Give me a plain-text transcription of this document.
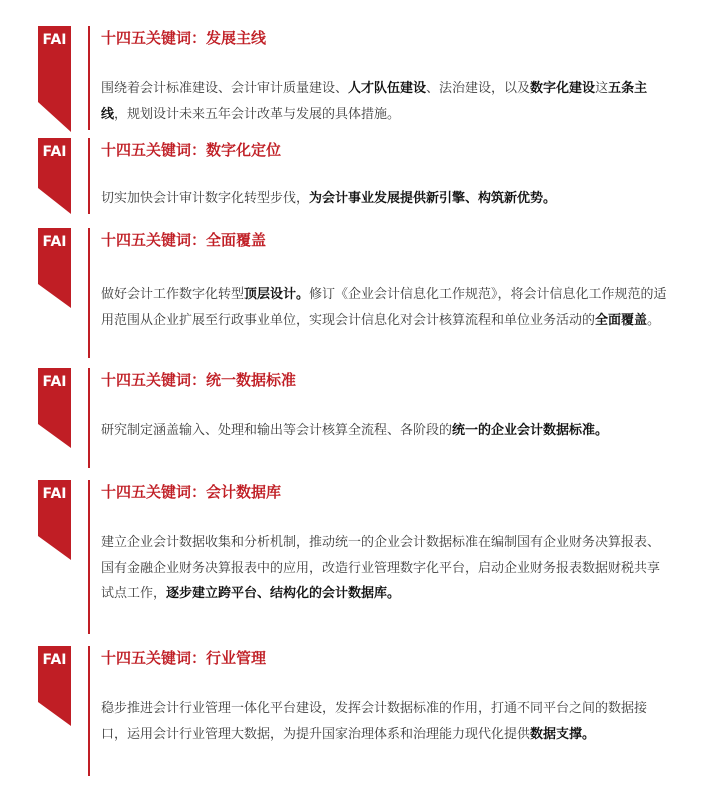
FAI	十四五关键词：发展主线
围绕着会计标准建设、会计审计质量建设、人才队伍建设、法治建设，以及数字化建设这五条主线，规划设计未来五年会计改革与发展的具体措施。
FAI	十四五关键词：数字化定位
切实加快会计审计数字化转型步伐，为会计事业发展提供新引擎、构筑新优势。
FAI	十四五关键词：全面覆盖
做好会计工作数字化转型顶层设计。修订《企业会计信息化工作规范》，将会计信息化工作规范的适用范围从企业扩展至行政事业单位，实现会计信息化对会计核算流程和单位业务活动的全面覆盖。
FAI	十四五关键词：统一数据标准
研究制定涵盖输入、处理和输出等会计核算全流程、各阶段的统一的企业会计数据标准。
FAI	十四五关键词：会计数据库
建立企业会计数据收集和分析机制，推动统一的企业会计数据标准在编制国有企业财务决算报表、国有金融企业财务决算报表中的应用，改造行业管理数字化平台，启动企业财务报表数据财税共享试点工作，逐步建立跨平台、结构化的会计数据库。
FAI	十四五关键词：行业管理
稳步推进会计行业管理一体化平台建设，发挥会计数据标准的作用，打通不同平台之间的数据接口，运用会计行业管理大数据，为提升国家治理体系和治理能力现代化提供数据支撑。
